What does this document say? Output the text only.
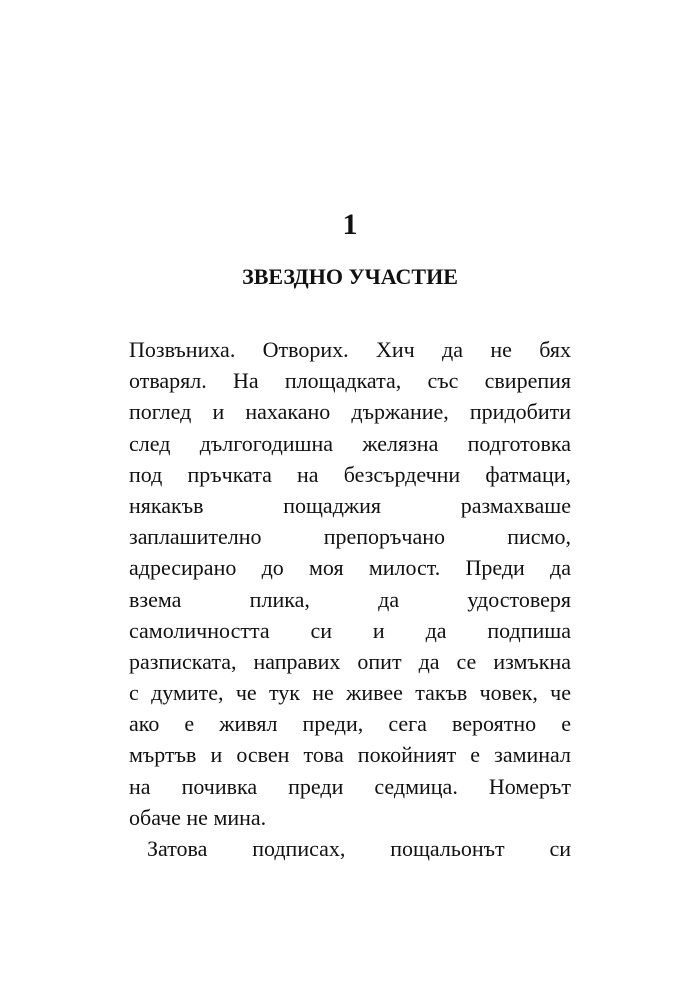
1
ЗВЕЗДНО УЧАСТИЕ
Позвъниха. Отворих. Хич да не бях
отварял. На площадката, със свирепия
поглед и нахакано държание, придобити
след дългогодишна желязна подготовка
под пръчката на безсърдечни фатмаци,
някакъв пощаджия размахваше
заплашително препоръчано писмо,
адресирано до моя милост. Преди да
взема плика, да удостоверя
самоличността си и да подпиша
разписката, направих опит да се измъкна
с думите, че тук не живее такъв човек, че
ако е живял преди, сега вероятно е
мъртъв и освен това покойният е заминал
на почивка преди седмица. Номерът
обаче не мина.
Затова подписах, пощальонът си
